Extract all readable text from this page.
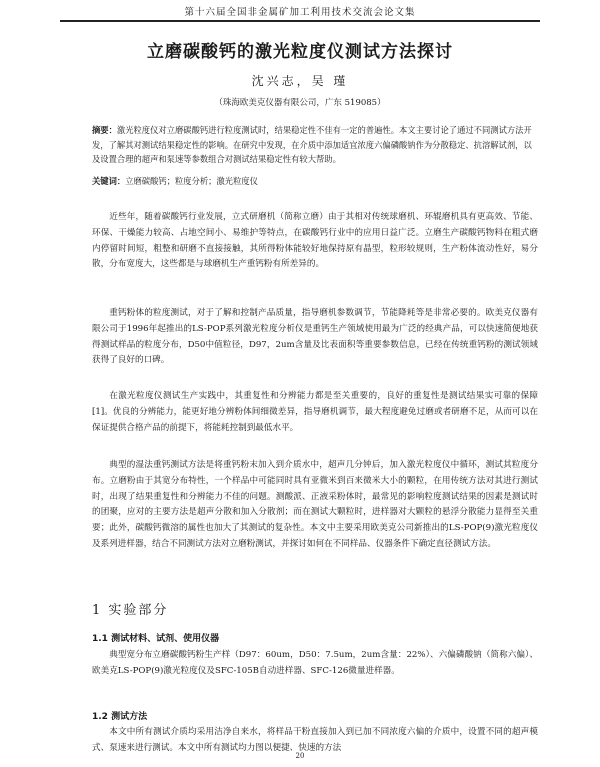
第十六届全国非金属矿加工利用技术交流会论文集
立磨碳酸钙的激光粒度仪测试方法探讨
沈兴志，吴 瑾
（珠海欧美克仪器有限公司，广东 519085）
摘要：激光粒度仪对立磨碳酸钙进行粒度测试时，结果稳定性不佳有一定的普遍性。本文主要讨论了通过不同测试方法开发，了解其对测试结果稳定性的影响。在研究中发现，在介质中添加适宜浓度六偏磷酸钠作为分散稳定、抗溶解试剂，以及设置合理的超声和泵速等参数组合对测试结果稳定性有较大帮助。
关键词：立磨碳酸钙；粒度分析；激光粒度仪

近些年，随着碳酸钙行业发展，立式研磨机（简称立磨）由于其相对传统球磨机、环辊磨机具有更高效、节能、环保、干燥能力较高、占地空间小、易维护等特点，在碳酸钙行业中的应用日益广泛。立磨生产碳酸钙物料在粗式磨内停留时间短，粗整和研磨不直接接触，其所得粉体能较好地保持原有晶型，粒形较规则，生产粉体流动性好，易分散，分布宽度大，这些都是与球磨机生产重钙粉有所差异的。

重钙粉体的粒度测试，对于了解和控制产品质量，指导磨机参数调节，节能降耗等是非常必要的。欧美克仪器有限公司于1996年起推出的LS-POP系列激光粒度分析仪是重钙生产领域使用最为广泛的经典产品，可以快速简便地获得测试样品的粒度分布，D50中值粒径，D97，2um含量及比表面积等重要参数信息，已经在传统重钙粉的测试领域获得了良好的口碑。

在激光粒度仪测试生产实践中，其重复性和分辨能力都是至关重要的，良好的重复性是测试结果实可靠的保障[1]。优良的分辨能力，能更好地分辨粉体间细微差异，指导磨机调节，最大程度避免过磨或者研磨不足，从而可以在保证提供合格产品的前提下，将能耗控制到最低水平。

典型的湿法重钙测试方法是将重钙粉末加入到介质水中，超声几分钟后，加入激光粒度仪中循环，测试其粒度分布。立磨粉由于其宽分布特性，一个样品中可能同时具有亚微米到百来微米大小的颗粒，在用传统方法对其进行测试时，出现了结果重复性和分辨能力不佳的问题。测酸派、正液采粉体时，最常见的影响粒度测试结果的因素是测试时的团聚，应对的主要方法是超声分散和加入分散剂；而在测试大颗粒时，进样器对大颗粒的悬浮分散能力显得至关重要；此外，碳酸钙微溶的属性也加大了其测试的复杂性。本文中主要采用欧美克公司新推出的LS-POP(9)激光粒度仪及系列进样器，结合不同测试方法对立磨粉测试，并探讨如何在不同样品、仪器条件下确定直径测试方法。

1 实验部分
1.1 测试材料、试剂、使用仪器

典型宽分布立磨碳酸钙粉生产样（D97：60um，D50：7.5um，2um含量：22%）、六偏磷酸钠（简称六偏）、欧美克LS-POP(9)激光粒度仪及SFC-105B自动进样器、SFC-126微量进样器。

1.2 测试方法

本文中所有测试介质均采用洁净自来水，将样品干粉直接加入到已加不同浓度六偏的介质中，设置不同的超声模式、泵速来进行测试。本文中所有测试均力图以便捷、快速的方法

20
